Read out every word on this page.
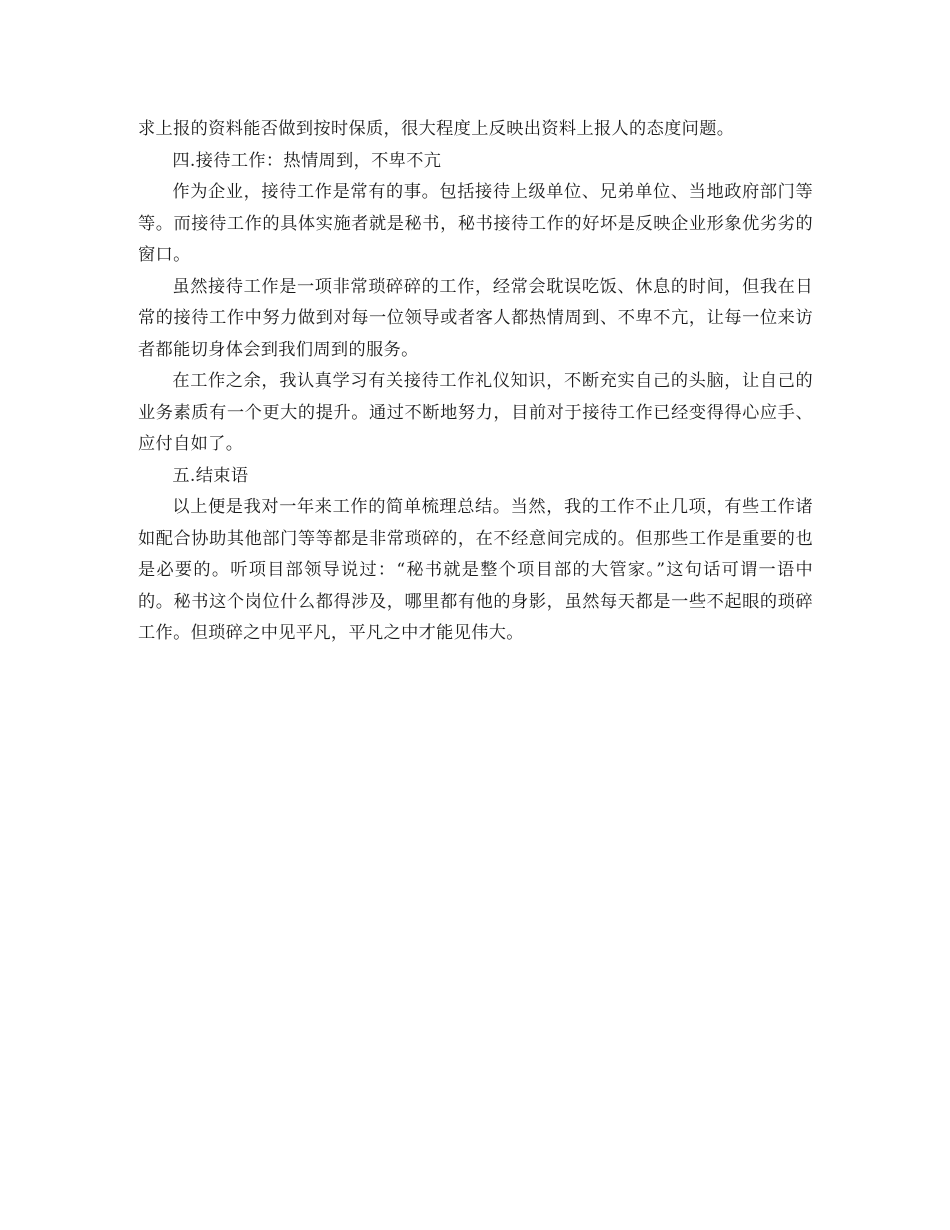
求上报的资料能否做到按时保质，很大程度上反映出资料上报人的态度问题。

四.接待工作：热情周到，不卑不亢

作为企业，接待工作是常有的事。包括接待上级单位、兄弟单位、当地政府部门等等。而接待工作的具体实施者就是秘书，秘书接待工作的好坏是反映企业形象优劣劣的窗口。

虽然接待工作是一项非常琐碎碎的工作，经常会耽误吃饭、休息的时间，但我在日常的接待工作中努力做到对每一位领导或者客人都热情周到、不卑不亢，让每一位来访者都能切身体会到我们周到的服务。

在工作之余，我认真学习有关接待工作礼仪知识，不断充实自己的头脑，让自己的业务素质有一个更大的提升。通过不断地努力，目前对于接待工作已经变得得心应手、应付自如了。

五.结束语

以上便是我对一年来工作的简单梳理总结。当然，我的工作不止几项，有些工作诸如配合协助其他部门等等都是非常琐碎的，在不经意间完成的。但那些工作是重要的也是必要的。听项目部领导说过：“秘书就是整个项目部的大管家。”这句话可谓一语中的。秘书这个岗位什么都得涉及，哪里都有他的身影，虽然每天都是一些不起眼的琐碎工作。但琐碎之中见平凡，平凡之中才能见伟大。
